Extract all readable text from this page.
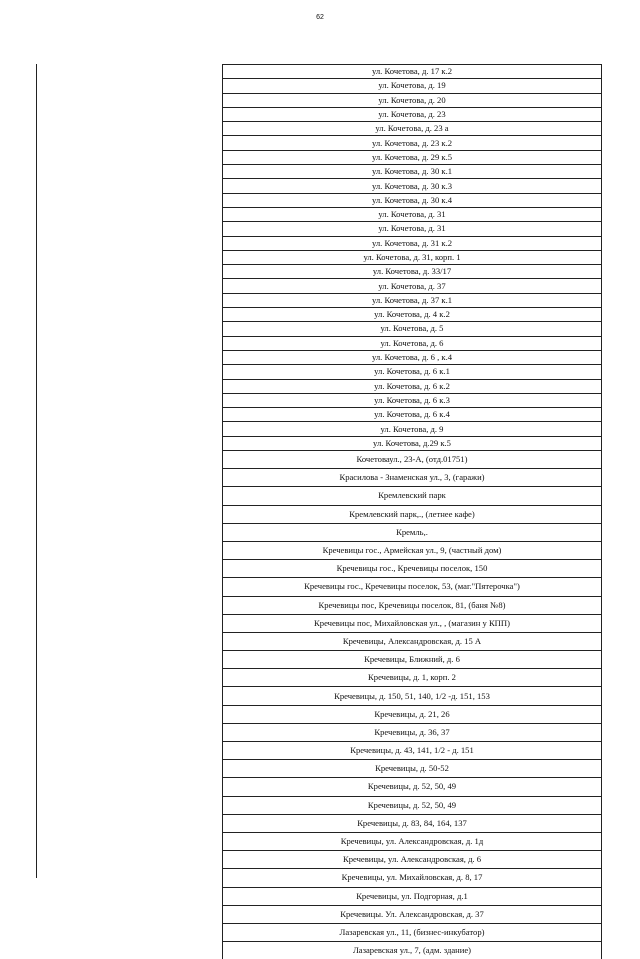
62
ул. Кочетова, д. 17 к.2
ул. Кочетова, д. 19
ул. Кочетова, д. 20
ул. Кочетова, д. 23
ул. Кочетова, д. 23 а
ул. Кочетова, д. 23 к.2
ул. Кочетова, д. 29 к.5
ул. Кочетова, д. 30 к.1
ул. Кочетова, д. 30 к.3
ул. Кочетова, д. 30 к.4
ул. Кочетова, д. 31
ул. Кочетова, д. 31
ул. Кочетова, д. 31 к.2
ул. Кочетова, д. 31, корп. 1
ул. Кочетова, д. 33/17
ул. Кочетова, д. 37
ул. Кочетова, д. 37 к.1
ул. Кочетова, д. 4 к.2
ул. Кочетова, д. 5
ул. Кочетова, д. 6
ул. Кочетова, д. 6 , к.4
ул. Кочетова, д. 6 к.1
ул. Кочетова, д. 6 к.2
ул. Кочетова, д. 6 к.3
ул. Кочетова, д. 6 к.4
ул. Кочетова, д. 9
ул. Кочетова, д.29 к.5
Кочетоваул., 23-А, (отд.01751)
Красилова - Знаменская ул., 3, (гаражи)
Кремлевский парк
Кремлевский парк,., (летнее кафе)
Кремль,.
Кречевицы гос., Армейская ул., 9, (частный дом)
Кречевицы гос., Кречевицы поселок, 150
Кречевицы гос., Кречевицы поселок, 53, (маг."Пятерочка")
Кречевицы пос, Кречевицы поселок, 81, (баня №8)
Кречевицы пос, Михайловская ул., , (магазин у КПП)
Кречевицы, Александровская, д. 15 А
Кречевицы, Ближний, д. 6
Кречевицы, д. 1, корп. 2
Кречевицы, д. 150, 51, 140, 1/2 -д. 151, 153
Кречевицы, д. 21, 26
Кречевицы, д. 36, 37
Кречевицы, д. 43, 141, 1/2 - д. 151
Кречевицы, д. 50-52
Кречевицы, д. 52, 50, 49
Кречевицы, д. 52, 50, 49
Кречевицы, д. 83, 84, 164, 137
Кречевицы, ул. Александровская, д. 1д
Кречевицы, ул. Александровская, д. 6
Кречевицы, ул. Михайловская, д. 8, 17
Кречевицы, ул. Подгорная, д.1
Кречевицы. Ул. Александровская, д. 37
Лазаревская ул., 11, (бизнес-инкубатор)
Лазаревская ул., 7, (адм. здание)
